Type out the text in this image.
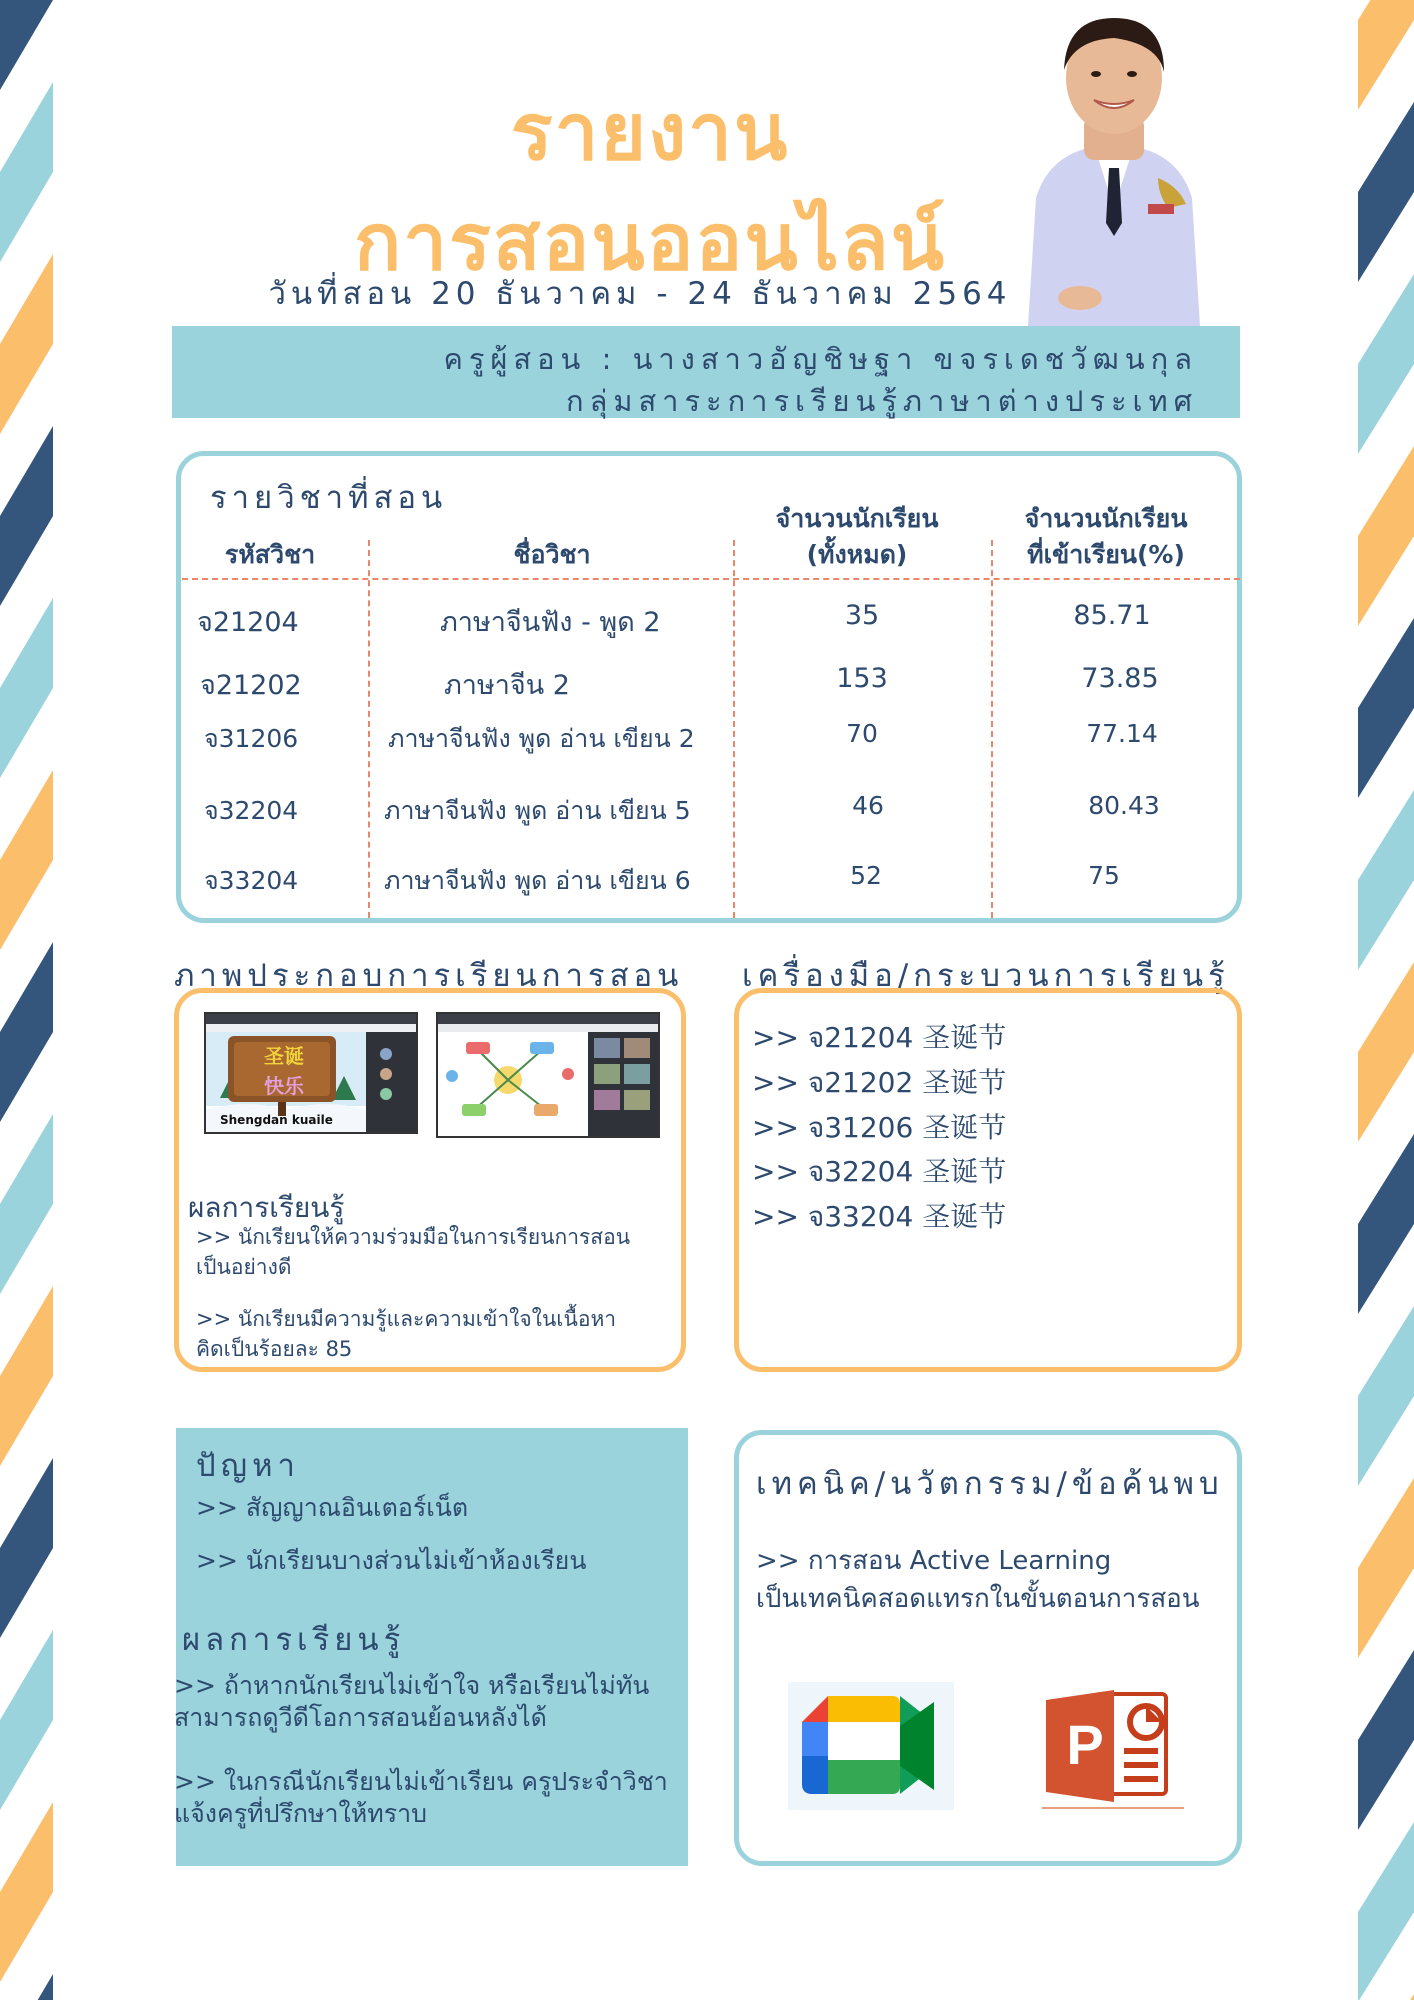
รายงาน
การสอนออนไลน์
วันที่สอน 20 ธันวาคม - 24 ธันวาคม 2564
ครูผู้สอน : นางสาวอัญชิษฐา ขจรเดชวัฒนกุล
กลุ่มสาระการเรียนรู้ภาษาต่างประเทศ
รายวิชาที่สอน
รหัสวิชา	ชื่อวิชา
จำนวนนักเรียน
(ทั้งหมด)
จำนวนนักเรียน
ที่เข้าเรียน(%)
จ21204	ภาษาจีนฟัง - พูด 2	35	85.71
จ21202	ภาษาจีน 2	153	73.85
จ31206	ภาษาจีนฟัง พูด อ่าน เขียน 2	70	77.14
จ32204	ภาษาจีนฟัง พูด อ่าน เขียน 5	46	80.43
จ33204	ภาษาจีนฟัง พูด อ่าน เขียน 6	52	75
ภาพประกอบการเรียนการสอน
圣诞
快乐
Shengdan kuaile
ผลการเรียนรู้
>> นักเรียนให้ความร่วมมือในการเรียนการสอน
เป็นอย่างดี
>> นักเรียนมีความรู้และความเข้าใจในเนื้อหา
คิดเป็นร้อยละ 85
เครื่องมือ/กระบวนการเรียนรู้
>> จ21204 圣诞节
>> จ21202 圣诞节
>> จ31206 圣诞节
>> จ32204 圣诞节
>> จ33204 圣诞节
ปัญหา
>> สัญญาณอินเตอร์เน็ต
>> นักเรียนบางส่วนไม่เข้าห้องเรียน
ผลการเรียนรู้
>> ถ้าหากนักเรียนไม่เข้าใจ หรือเรียนไม่ทัน
สามารถดูวีดีโอการสอนย้อนหลังได้
>> ในกรณีนักเรียนไม่เข้าเรียน ครูประจำวิชา
แจ้งครูที่ปรึกษาให้ทราบ
เทคนิค/นวัตกรรม/ข้อค้นพบ
>> การสอน Active Learning
เป็นเทคนิคสอดแทรกในขั้นตอนการสอน
P
